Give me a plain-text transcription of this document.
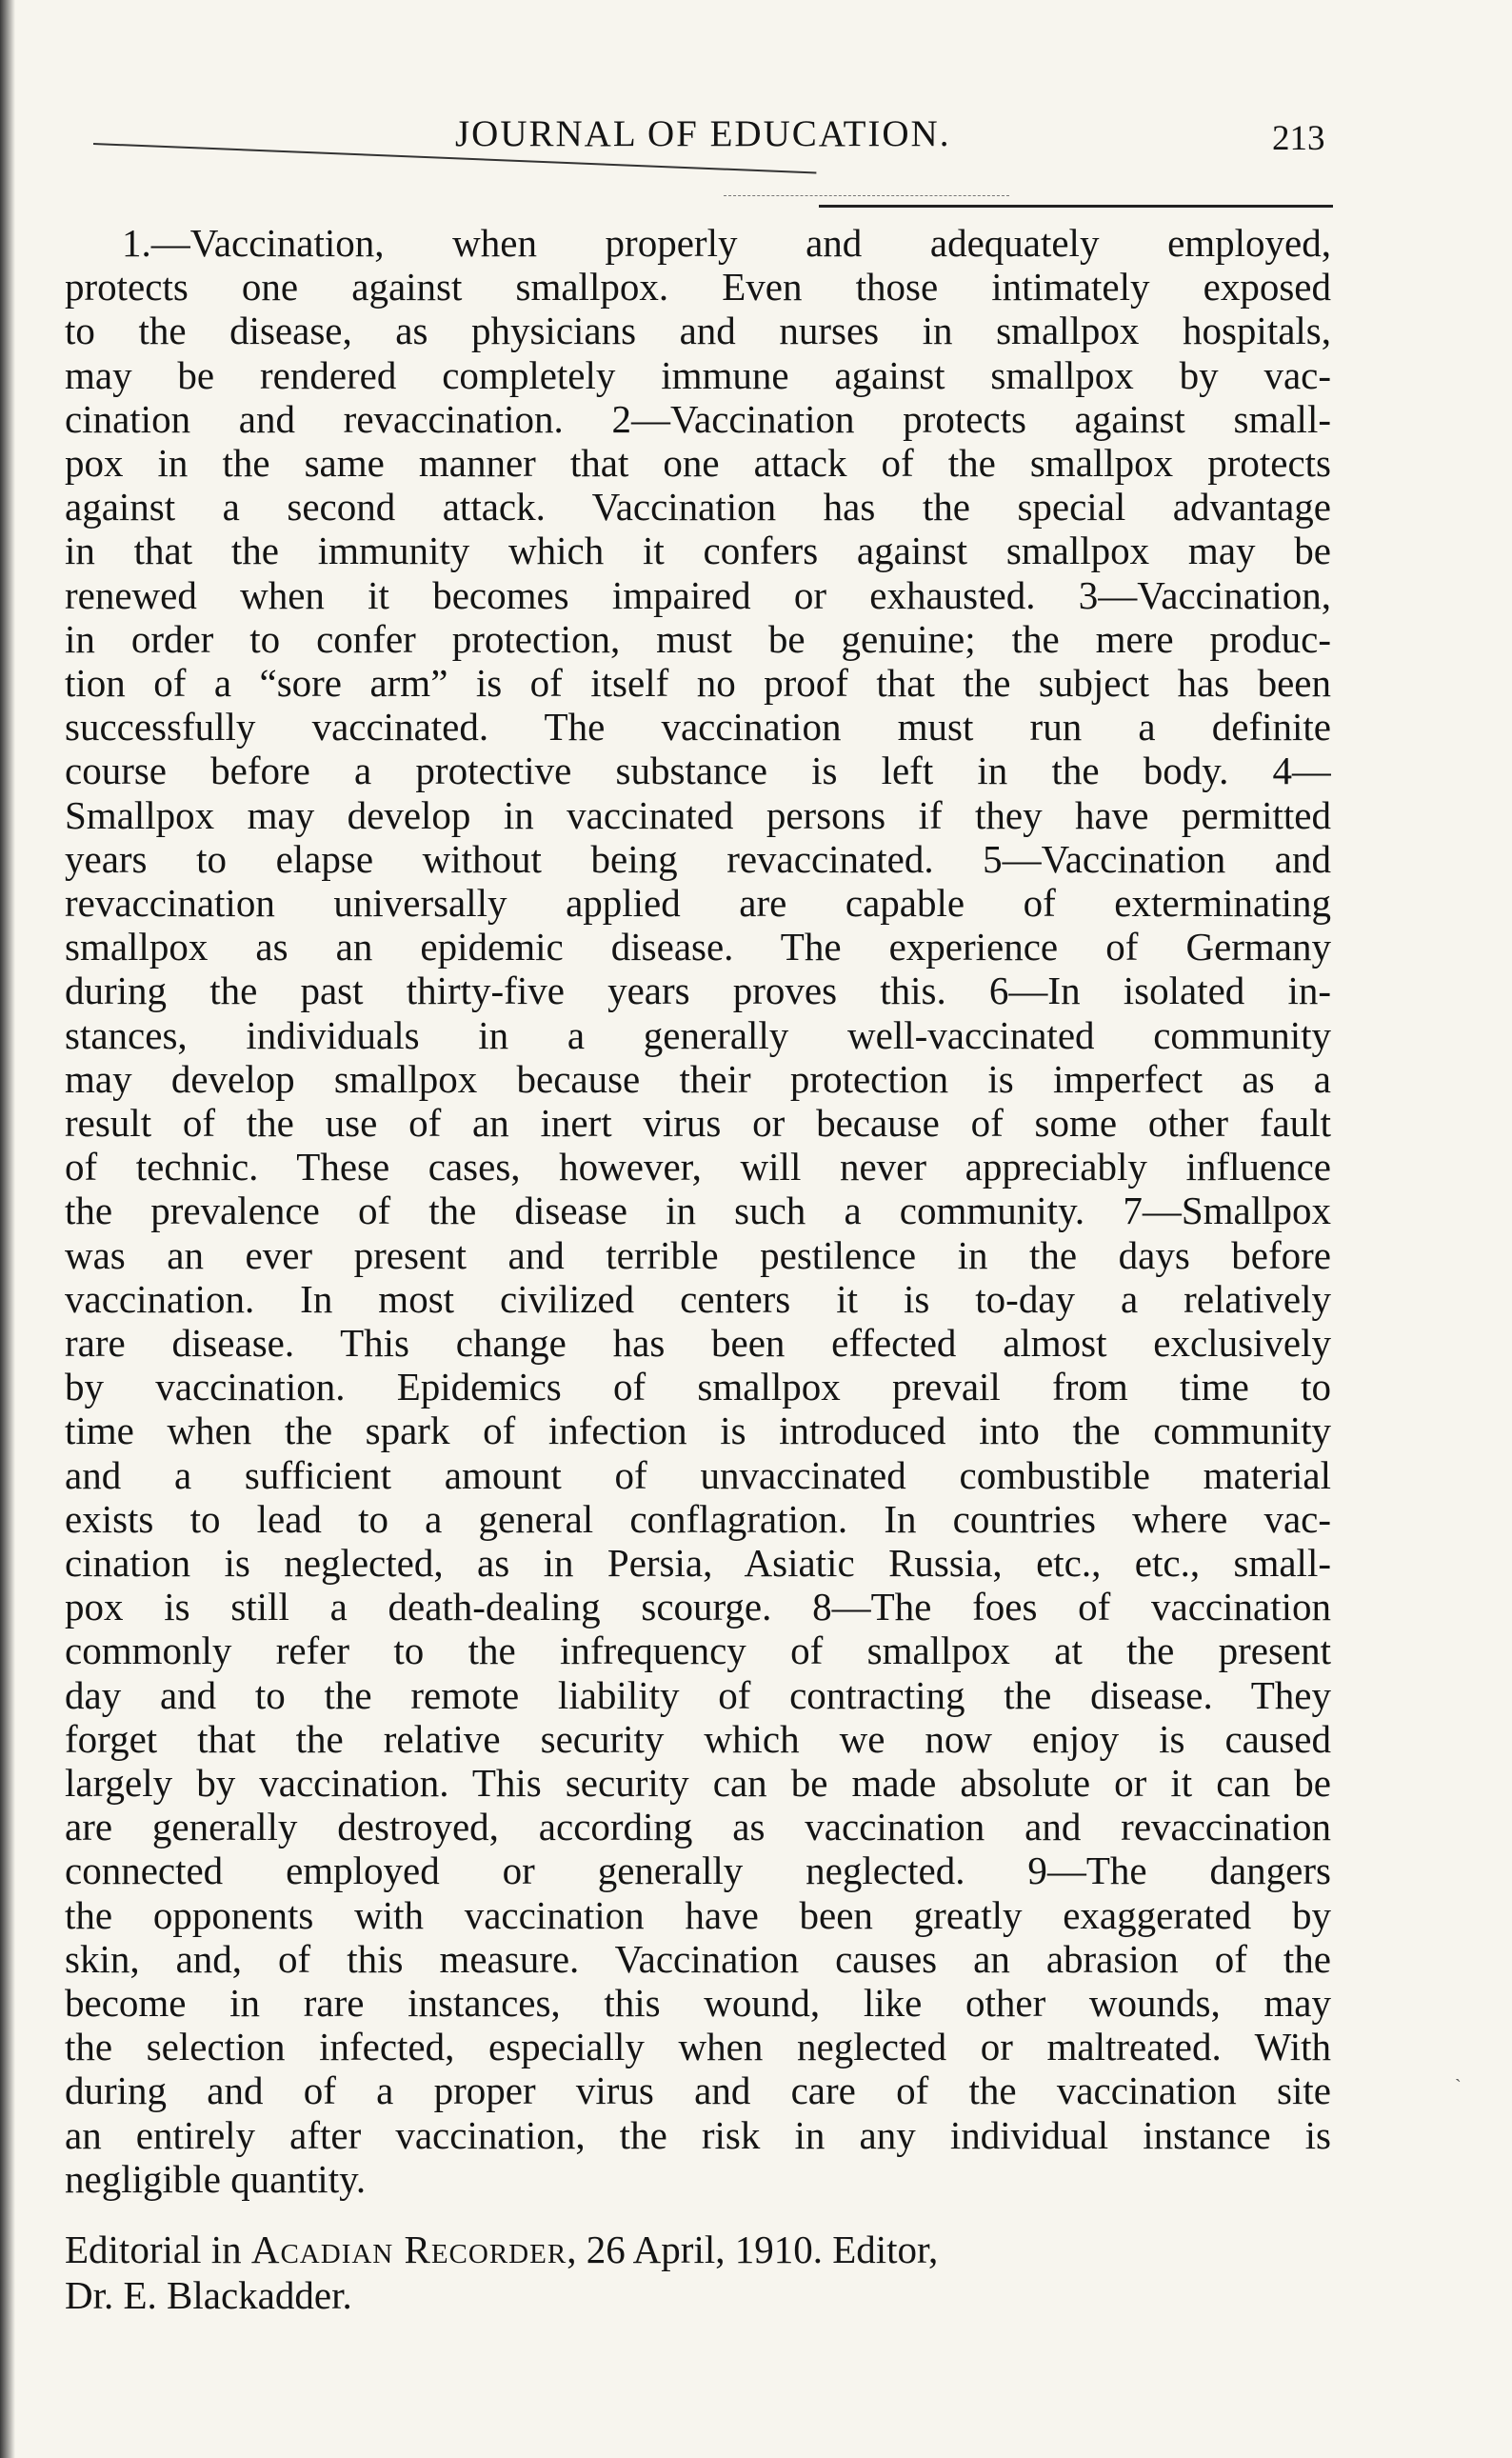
JOURNAL OF EDUCATION.	213
1.—Vaccination, when properly and adequately employed,
protects one against smallpox. Even those intimately exposed
to the disease, as physicians and nurses in smallpox hospitals,
may be rendered completely immune against smallpox by vac-
cination and revaccination. 2—Vaccination protects against small-
pox in the same manner that one attack of the smallpox protects
against a second attack. Vaccination has the special advantage
in that the immunity which it confers against smallpox may be
renewed when it becomes impaired or exhausted. 3—Vaccination,
in order to confer protection, must be genuine; the mere produc-
tion of a “sore arm” is of itself no proof that the subject has been
successfully vaccinated. The vaccination must run a definite
course before a protective substance is left in the body. 4—
Smallpox may develop in vaccinated persons if they have permitted
years to elapse without being revaccinated. 5—Vaccination and
revaccination universally applied are capable of exterminating
smallpox as an epidemic disease. The experience of Germany
during the past thirty-five years proves this. 6—In isolated in-
stances, individuals in a generally well-vaccinated community
may develop smallpox because their protection is imperfect as a
result of the use of an inert virus or because of some other fault
of technic. These cases, however, will never appreciably influence
the prevalence of the disease in such a community. 7—Smallpox
was an ever present and terrible pestilence in the days before
vaccination. In most civilized centers it is to-day a relatively
rare disease. This change has been effected almost exclusively
by vaccination. Epidemics of smallpox prevail from time to
time when the spark of infection is introduced into the community
and a sufficient amount of unvaccinated combustible material
exists to lead to a general conflagration. In countries where vac-
cination is neglected, as in Persia, Asiatic Russia, etc., etc., small-
pox is still a death-dealing scourge. 8—The foes of vaccination
commonly refer to the infrequency of smallpox at the present
day and to the remote liability of contracting the disease. They
forget that the relative security which we now enjoy is caused
largely by vaccination. This security can be made absolute or it can be
are generally destroyed, according as vaccination and revaccination
connected employed or generally neglected. 9—The dangers
the opponents with vaccination have been greatly exaggerated by
skin, and, of this measure. Vaccination causes an abrasion of the
become in rare instances, this wound, like other wounds, may
the selection infected, especially when neglected or maltreated. With
during and of a proper virus and care of the vaccination site
an entirely after vaccination, the risk in any individual instance is
negligible quantity.
Editorial in Acadian Recorder, 26 April, 1910. Editor,
Dr. E. Blackadder.
`
